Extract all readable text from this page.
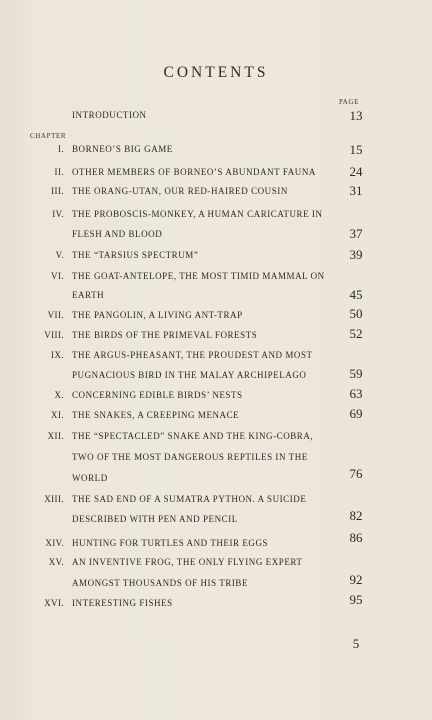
CONTENTS
PAGE
INTRODUCTION	13
CHAPTER
I. BORNEO’S BIG GAME	15
II. OTHER MEMBERS OF BORNEO’S ABUNDANT FAUNA	24
III. THE ORANG-UTAN, OUR RED-HAIRED COUSIN	31
IV. THE PROBOSCIS-MONKEY, A HUMAN CARICATURE IN
FLESH AND BLOOD	37
V. THE “TARSIUS SPECTRUM”	39
VI. THE GOAT-ANTELOPE, THE MOST TIMID MAMMAL ON
EARTH	45
VII. THE PANGOLIN, A LIVING ANT-TRAP	50
VIII. THE BIRDS OF THE PRIMEVAL FORESTS	52
IX. THE ARGUS-PHEASANT, THE PROUDEST AND MOST
PUGNACIOUS BIRD IN THE MALAY ARCHIPELAGO	59
X. CONCERNING EDIBLE BIRDS’ NESTS	63
XI. THE SNAKES, A CREEPING MENACE	69
XII. THE “SPECTACLED” SNAKE AND THE KING-COBRA,
TWO OF THE MOST DANGEROUS REPTILES IN THE
WORLD	76
XIII. THE SAD END OF A SUMATRA PYTHON. A SUICIDE
DESCRIBED WITH PEN AND PENCIL	82
XIV. HUNTING FOR TURTLES AND THEIR EGGS	86
XV. AN INVENTIVE FROG, THE ONLY FLYING EXPERT
AMONGST THOUSANDS OF HIS TRIBE	92
XVI. INTERESTING FISHES	95
5
